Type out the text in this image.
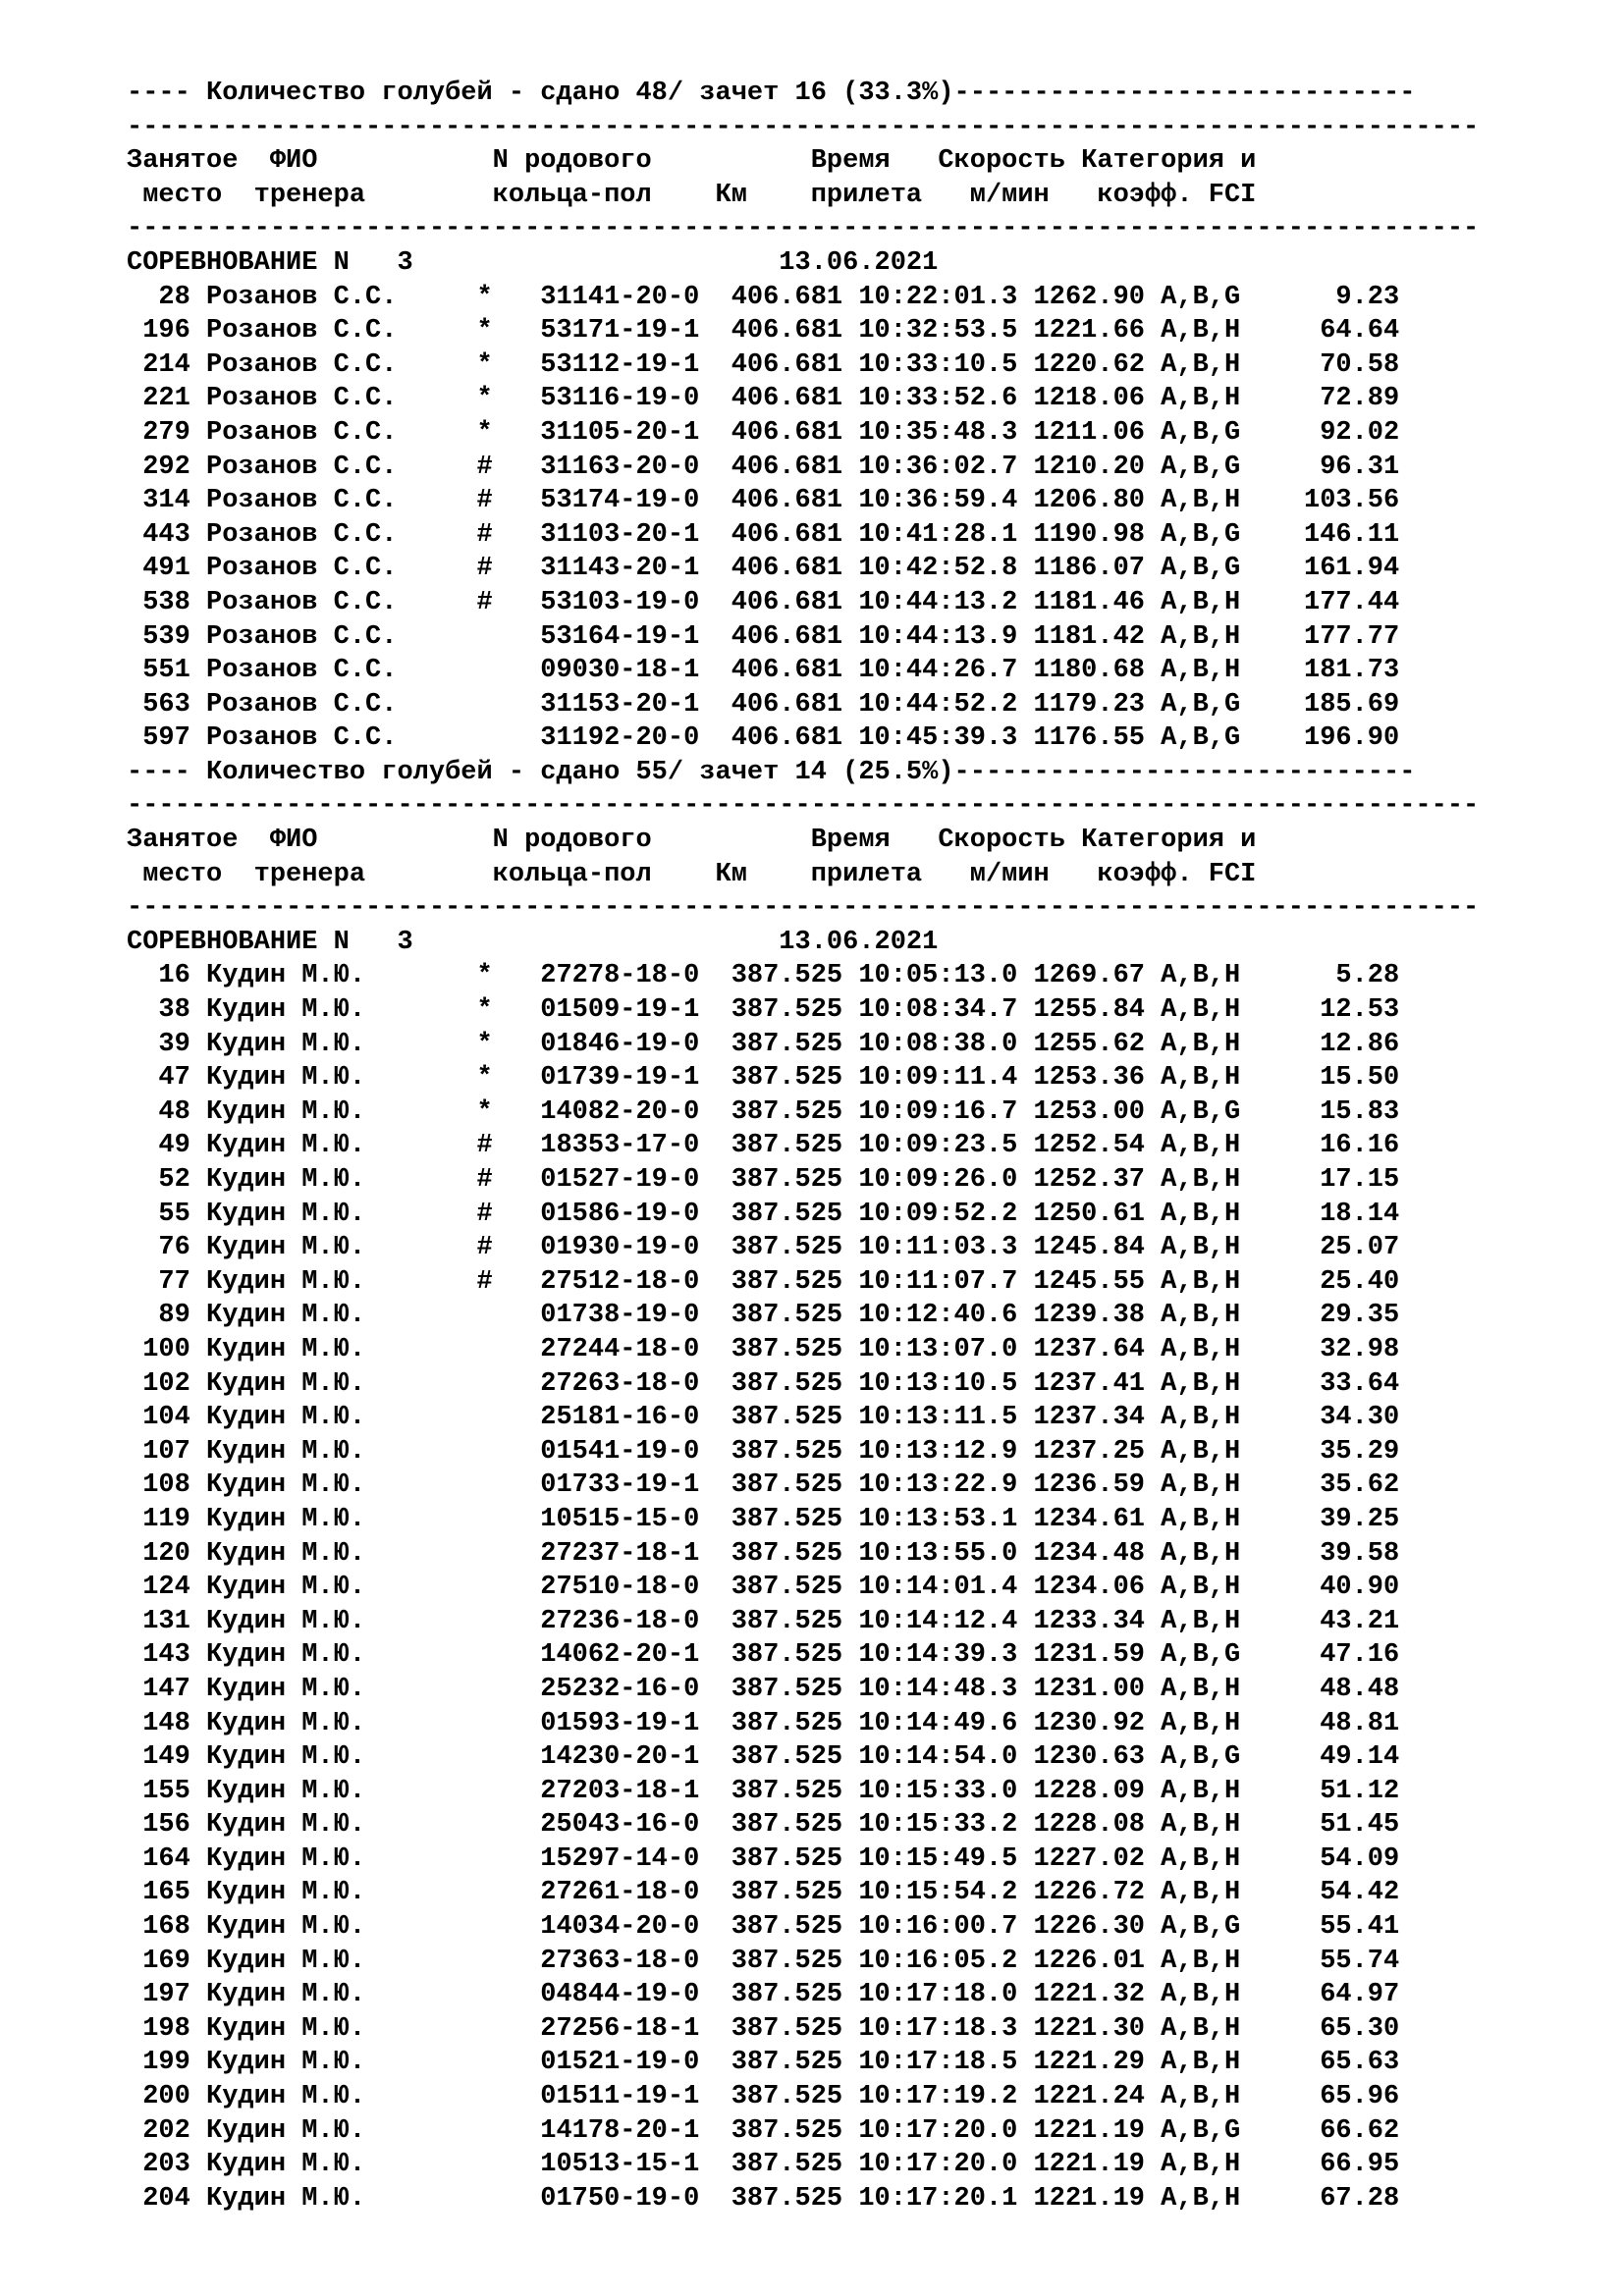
---- Количество голубей - сдано 48/ зачет 16 (33.3%)-----------------------------
-------------------------------------------------------------------------------------
Занятое  ФИО           N родового          Время   Скорость Категория и
место  тренера        кольца-пол    Км    прилета   м/мин   коэфф. FCI
-------------------------------------------------------------------------------------
СОРЕВНОВАНИЕ N   3                       13.06.2021
28 Розанов С.С.     *   31141-20-0  406.681 10:22:01.3 1262.90 A,B,G      9.23
196 Розанов С.С.     *   53171-19-1  406.681 10:32:53.5 1221.66 A,B,H     64.64
214 Розанов С.С.     *   53112-19-1  406.681 10:33:10.5 1220.62 A,B,H     70.58
221 Розанов С.С.     *   53116-19-0  406.681 10:33:52.6 1218.06 A,B,H     72.89
279 Розанов С.С.     *   31105-20-1  406.681 10:35:48.3 1211.06 A,B,G     92.02
292 Розанов С.С.     #   31163-20-0  406.681 10:36:02.7 1210.20 A,B,G     96.31
314 Розанов С.С.     #   53174-19-0  406.681 10:36:59.4 1206.80 A,B,H    103.56
443 Розанов С.С.     #   31103-20-1  406.681 10:41:28.1 1190.98 A,B,G    146.11
491 Розанов С.С.     #   31143-20-1  406.681 10:42:52.8 1186.07 A,B,G    161.94
538 Розанов С.С.     #   53103-19-0  406.681 10:44:13.2 1181.46 A,B,H    177.44
539 Розанов С.С.         53164-19-1  406.681 10:44:13.9 1181.42 A,B,H    177.77
551 Розанов С.С.         09030-18-1  406.681 10:44:26.7 1180.68 A,B,H    181.73
563 Розанов С.С.         31153-20-1  406.681 10:44:52.2 1179.23 A,B,G    185.69
597 Розанов С.С.         31192-20-0  406.681 10:45:39.3 1176.55 A,B,G    196.90
---- Количество голубей - сдано 55/ зачет 14 (25.5%)-----------------------------
-------------------------------------------------------------------------------------
Занятое  ФИО           N родового          Время   Скорость Категория и
место  тренера        кольца-пол    Км    прилета   м/мин   коэфф. FCI
-------------------------------------------------------------------------------------
СОРЕВНОВАНИЕ N   3                       13.06.2021
16 Кудин М.Ю.       *   27278-18-0  387.525 10:05:13.0 1269.67 A,B,H      5.28
38 Кудин М.Ю.       *   01509-19-1  387.525 10:08:34.7 1255.84 A,B,H     12.53
39 Кудин М.Ю.       *   01846-19-0  387.525 10:08:38.0 1255.62 A,B,H     12.86
47 Кудин М.Ю.       *   01739-19-1  387.525 10:09:11.4 1253.36 A,B,H     15.50
48 Кудин М.Ю.       *   14082-20-0  387.525 10:09:16.7 1253.00 A,B,G     15.83
49 Кудин М.Ю.       #   18353-17-0  387.525 10:09:23.5 1252.54 A,B,H     16.16
52 Кудин М.Ю.       #   01527-19-0  387.525 10:09:26.0 1252.37 A,B,H     17.15
55 Кудин М.Ю.       #   01586-19-0  387.525 10:09:52.2 1250.61 A,B,H     18.14
76 Кудин М.Ю.       #   01930-19-0  387.525 10:11:03.3 1245.84 A,B,H     25.07
77 Кудин М.Ю.       #   27512-18-0  387.525 10:11:07.7 1245.55 A,B,H     25.40
89 Кудин М.Ю.           01738-19-0  387.525 10:12:40.6 1239.38 A,B,H     29.35
100 Кудин М.Ю.           27244-18-0  387.525 10:13:07.0 1237.64 A,B,H     32.98
102 Кудин М.Ю.           27263-18-0  387.525 10:13:10.5 1237.41 A,B,H     33.64
104 Кудин М.Ю.           25181-16-0  387.525 10:13:11.5 1237.34 A,B,H     34.30
107 Кудин М.Ю.           01541-19-0  387.525 10:13:12.9 1237.25 A,B,H     35.29
108 Кудин М.Ю.           01733-19-1  387.525 10:13:22.9 1236.59 A,B,H     35.62
119 Кудин М.Ю.           10515-15-0  387.525 10:13:53.1 1234.61 A,B,H     39.25
120 Кудин М.Ю.           27237-18-1  387.525 10:13:55.0 1234.48 A,B,H     39.58
124 Кудин М.Ю.           27510-18-0  387.525 10:14:01.4 1234.06 A,B,H     40.90
131 Кудин М.Ю.           27236-18-0  387.525 10:14:12.4 1233.34 A,B,H     43.21
143 Кудин М.Ю.           14062-20-1  387.525 10:14:39.3 1231.59 A,B,G     47.16
147 Кудин М.Ю.           25232-16-0  387.525 10:14:48.3 1231.00 A,B,H     48.48
148 Кудин М.Ю.           01593-19-1  387.525 10:14:49.6 1230.92 A,B,H     48.81
149 Кудин М.Ю.           14230-20-1  387.525 10:14:54.0 1230.63 A,B,G     49.14
155 Кудин М.Ю.           27203-18-1  387.525 10:15:33.0 1228.09 A,B,H     51.12
156 Кудин М.Ю.           25043-16-0  387.525 10:15:33.2 1228.08 A,B,H     51.45
164 Кудин М.Ю.           15297-14-0  387.525 10:15:49.5 1227.02 A,B,H     54.09
165 Кудин М.Ю.           27261-18-0  387.525 10:15:54.2 1226.72 A,B,H     54.42
168 Кудин М.Ю.           14034-20-0  387.525 10:16:00.7 1226.30 A,B,G     55.41
169 Кудин М.Ю.           27363-18-0  387.525 10:16:05.2 1226.01 A,B,H     55.74
197 Кудин М.Ю.           04844-19-0  387.525 10:17:18.0 1221.32 A,B,H     64.97
198 Кудин М.Ю.           27256-18-1  387.525 10:17:18.3 1221.30 A,B,H     65.30
199 Кудин М.Ю.           01521-19-0  387.525 10:17:18.5 1221.29 A,B,H     65.63
200 Кудин М.Ю.           01511-19-1  387.525 10:17:19.2 1221.24 A,B,H     65.96
202 Кудин М.Ю.           14178-20-1  387.525 10:17:20.0 1221.19 A,B,G     66.62
203 Кудин М.Ю.           10513-15-1  387.525 10:17:20.0 1221.19 A,B,H     66.95
204 Кудин М.Ю.           01750-19-0  387.525 10:17:20.1 1221.19 A,B,H     67.28
